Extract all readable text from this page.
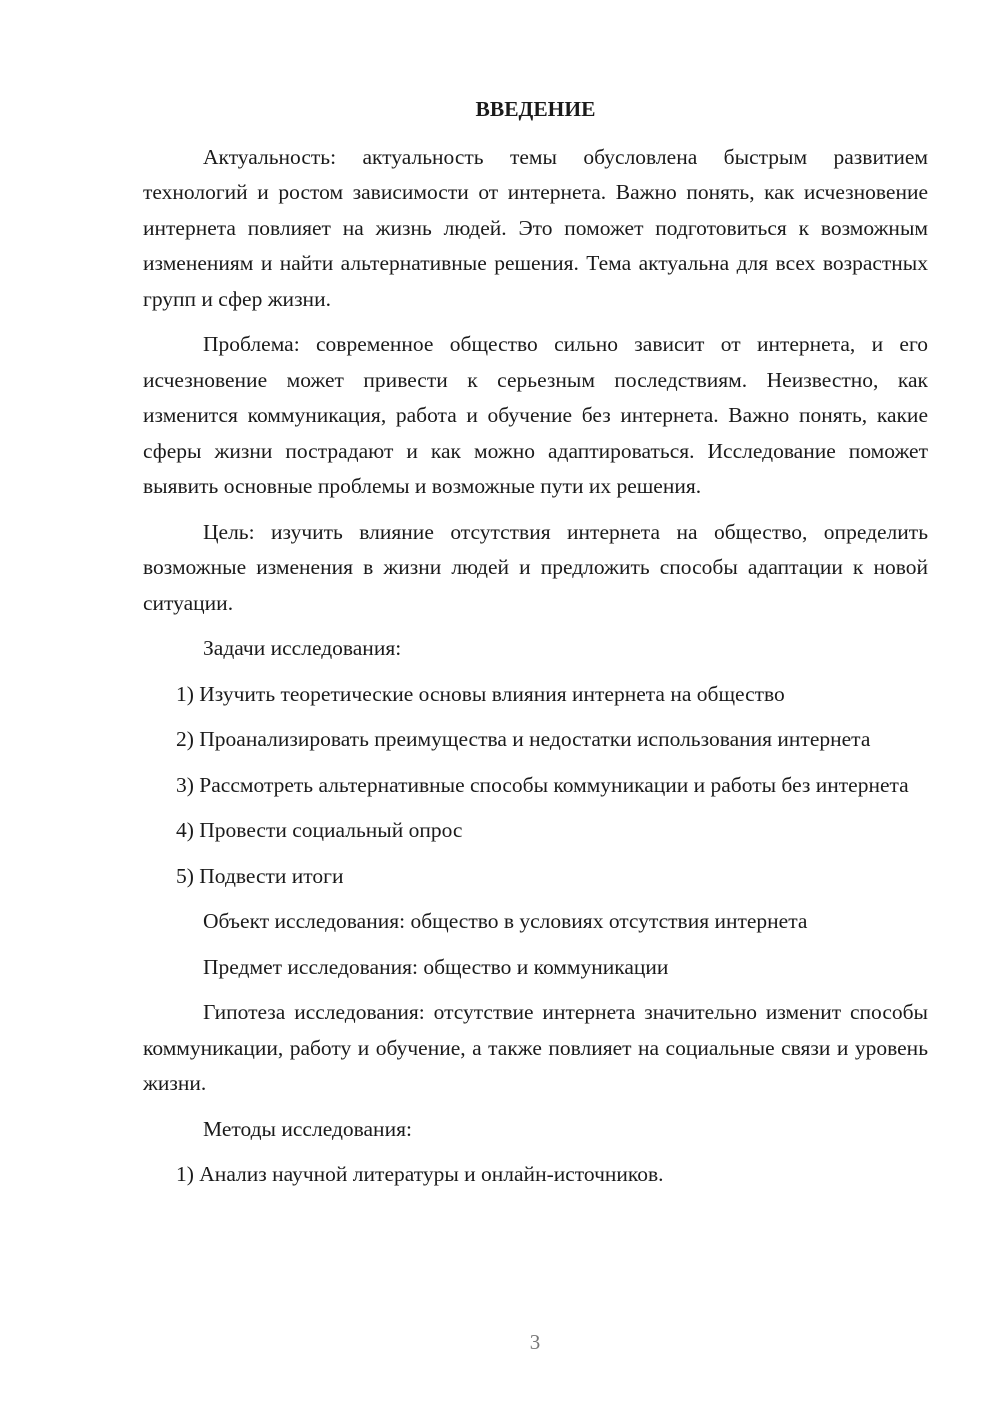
ВВЕДЕНИЕ

Актуальность: актуальность темы обусловлена быстрым развитием технологий и ростом зависимости от интернета. Важно понять, как исчезновение интернета повлияет на жизнь людей. Это поможет подготовиться к возможным изменениям и найти альтернативные решения. Тема актуальна для всех возрастных групп и сфер жизни.

Проблема: современное общество сильно зависит от интернета, и его исчезновение может привести к серьезным последствиям. Неизвестно, как изменится коммуникация, работа и обучение без интернета. Важно понять, какие сферы жизни пострадают и как можно адаптироваться. Исследование поможет выявить основные проблемы и возможные пути их решения.

Цель: изучить влияние отсутствия интернета на общество, определить возможные изменения в жизни людей и предложить способы адаптации к новой ситуации.

Задачи исследования:

1) Изучить теоретические основы влияния интернета на общество

2) Проанализировать преимущества и недостатки использования интернета

3) Рассмотреть альтернативные способы коммуникации и работы без интернета

4) Провести социальный опрос

5) Подвести итоги

Объект исследования: общество в условиях отсутствия интернета

Предмет исследования: общество и коммуникации

Гипотеза исследования: отсутствие интернета значительно изменит способы коммуникации, работу и обучение, а также повлияет на социальные связи и уровень жизни.

Методы исследования:

1) Анализ научной литературы и онлайн-источников.

3
